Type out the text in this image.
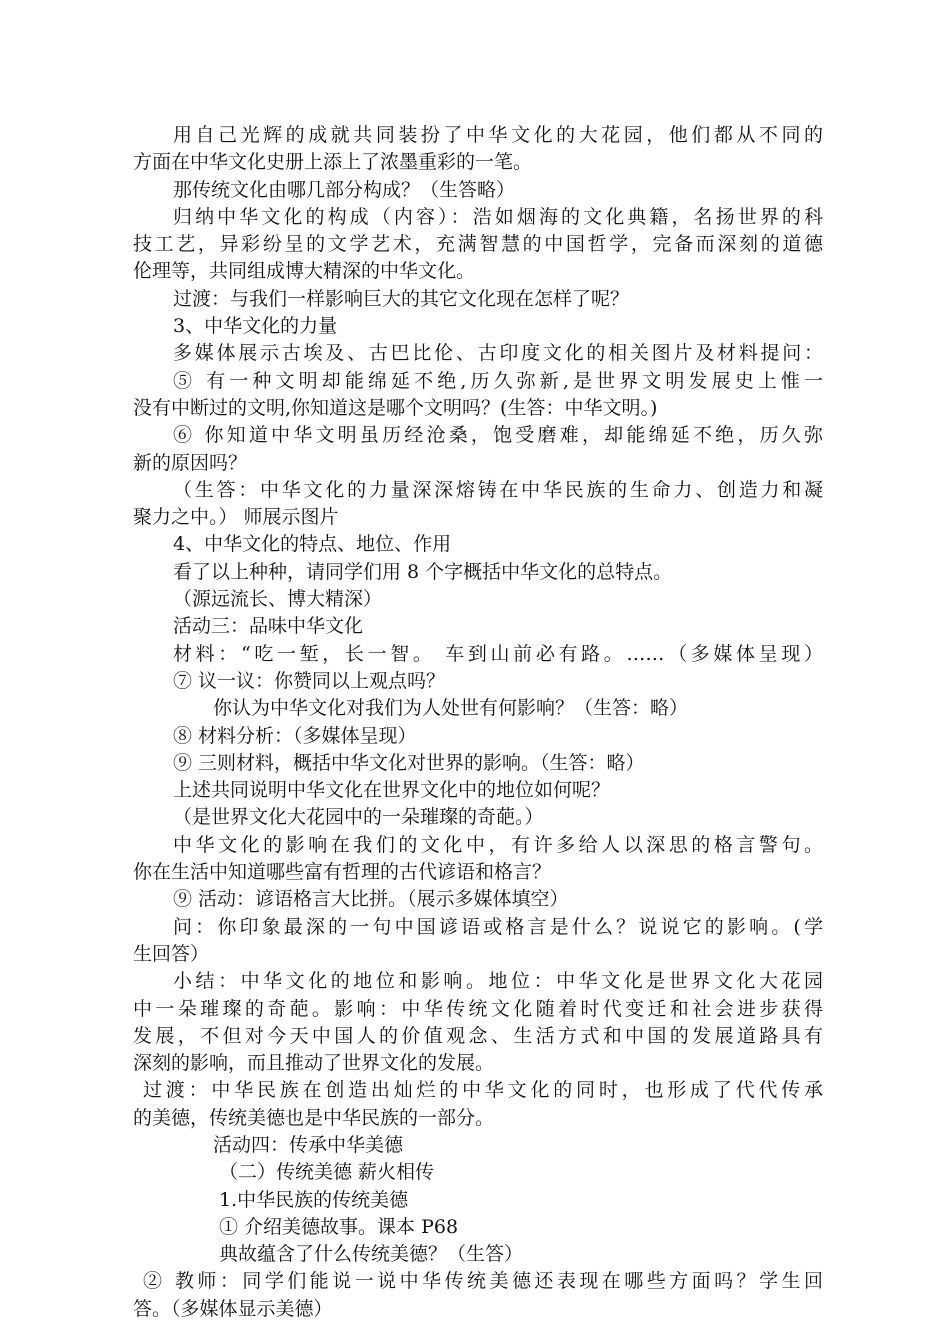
用自己光辉的成就共同装扮了中华文化的大花园，他们都从不同的
方面在中华文化史册上添上了浓墨重彩的一笔。
那传统文化由哪几部分构成？（生答略）
归纳中华文化的构成（内容）：浩如烟海的文化典籍，名扬世界的科
技工艺，异彩纷呈的文学艺术，充满智慧的中国哲学，完备而深刻的道德
伦理等，共同组成博大精深的中华文化。
过渡：与我们一样影响巨大的其它文化现在怎样了呢？
3、中华文化的力量
多媒体展示古埃及、古巴比伦、古印度文化的相关图片及材料提问：
⑤ 有一种文明却能绵延不绝,历久弥新,是世界文明发展史上惟一
没有中断过的文明,你知道这是哪个文明吗？(生答：中华文明。)
⑥ 你知道中华文明虽历经沧桑，饱受磨难，却能绵延不绝，历久弥
新的原因吗？
（生答：中华文化的力量深深熔铸在中华民族的生命力、创造力和凝
聚力之中。） 师展示图片
4、中华文化的特点、地位、作用
看了以上种种，请同学们用 8 个字概括中华文化的总特点。
（源远流长、博大精深）
活动三：品味中华文化
材料：“吃一堑，长一智。 车到山前必有路。……（多媒体呈现）
⑦ 议一议：你赞同以上观点吗？
你认为中华文化对我们为人处世有何影响？（生答：略）
⑧ 材料分析：（多媒体呈现）
⑨ 三则材料，概括中华文化对世界的影响。（生答：略）
上述共同说明中华文化在世界文化中的地位如何呢？
（是世界文化大花园中的一朵璀璨的奇葩。）
中华文化的影响在我们的文化中，有许多给人以深思的格言警句。
你在生活中知道哪些富有哲理的古代谚语和格言？
⑨ 活动：谚语格言大比拼。（展示多媒体填空）
问：你印象最深的一句中国谚语或格言是什么？说说它的影响。(学
生回答）
小结：中华文化的地位和影响。地位：中华文化是世界文化大花园
中一朵璀璨的奇葩。影响：中华传统文化随着时代变迁和社会进步获得
发展，不但对今天中国人的价值观念、生活方式和中国的发展道路具有
深刻的影响，而且推动了世界文化的发展。
过渡：中华民族在创造出灿烂的中华文化的同时，也形成了代代传承
的美德，传统美德也是中华民族的一部分。
活动四：传承中华美德
（二）传统美德 薪火相传
1.中华民族的传统美德
① 介绍美德故事。课本 P68
典故蕴含了什么传统美德？（生答）
② 教师：同学们能说一说中华传统美德还表现在哪些方面吗？学生回
答。（多媒体显示美德）
